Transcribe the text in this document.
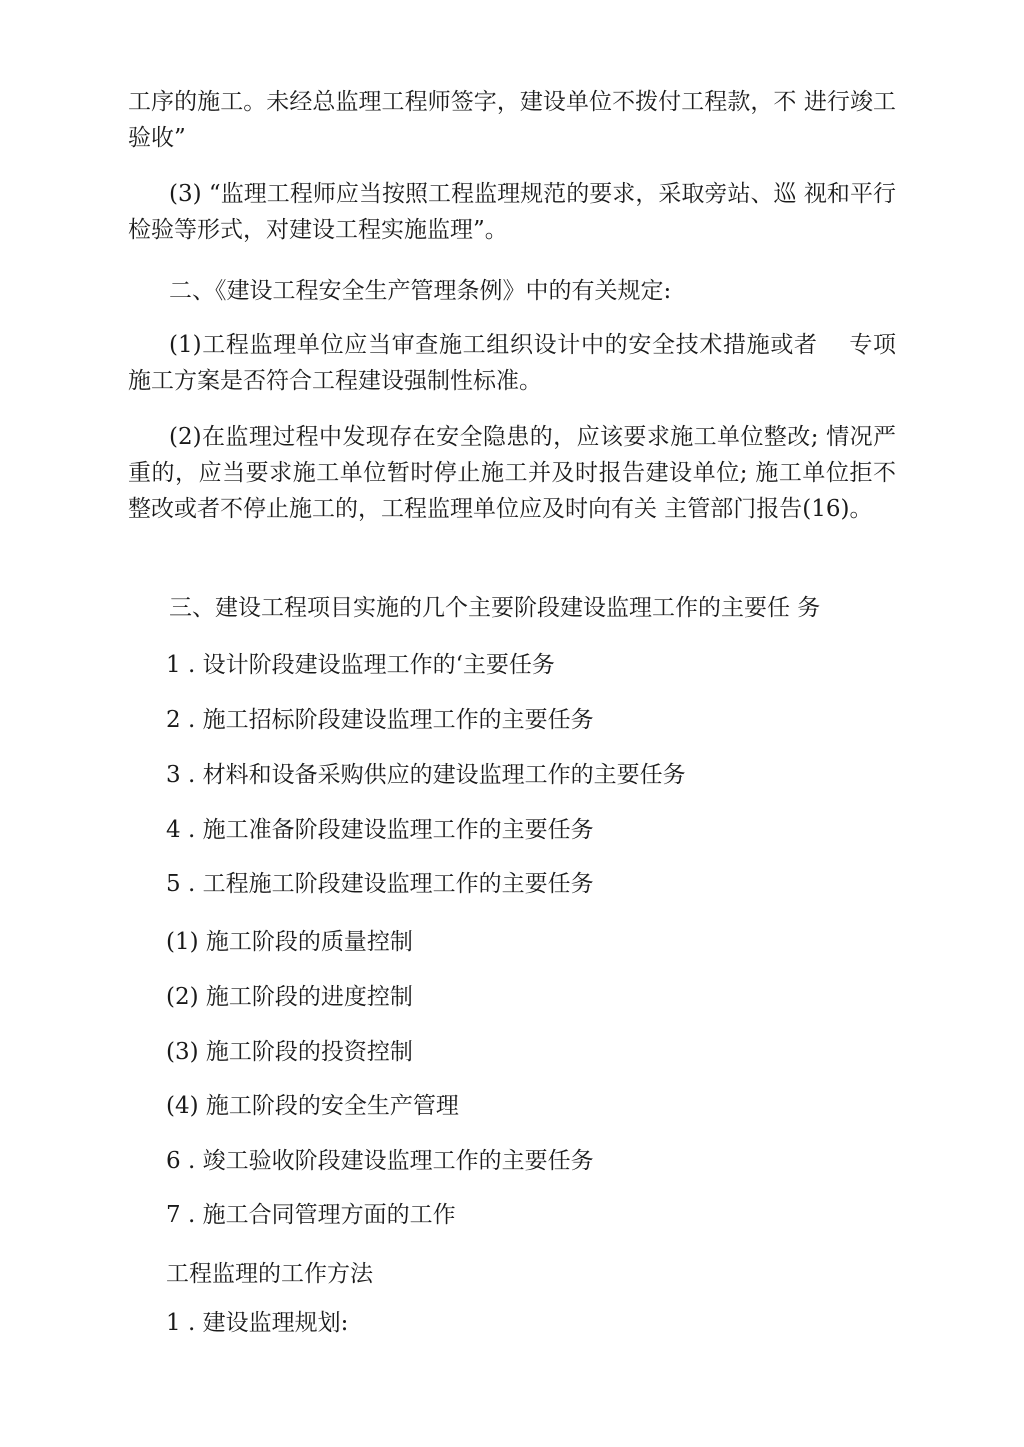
工序的施工。未经总监理工程师签字，建设单位不拨付工程款，不 进行竣工验收”

(3) “监理工程师应当按照工程监理规范的要求，采取旁站、巡 视和平行检验等形式，对建设工程实施监理”。

二、《建设工程安全生产管理条例》中的有关规定:

(1)工程监理单位应当审查施工组织设计中的安全技术措施或者　 专项施工方案是否符合工程建设强制性标准。

(2)在监理过程中发现存在安全隐患的，应该要求施工单位整改; 情况严重的，应当要求施工单位暂时停止施工并及时报告建设单位; 施工单位拒不整改或者不停止施工的，工程监理单位应及时向有关 主管部门报告(16)。

三、建设工程项目实施的几个主要阶段建设监理工作的主要任 务

1 . 设计阶段建设监理工作的‘主要任务

2 . 施工招标阶段建设监理工作的主要任务

3 . 材料和设备采购供应的建设监理工作的主要任务

4 . 施工准备阶段建设监理工作的主要任务

5 . 工程施工阶段建设监理工作的主要任务

(1) 施工阶段的质量控制

(2) 施工阶段的进度控制

(3) 施工阶段的投资控制

(4) 施工阶段的安全生产管理

6 . 竣工验收阶段建设监理工作的主要任务

7 . 施工合同管理方面的工作

工程监理的工作方法

1 . 建设监理规划:
